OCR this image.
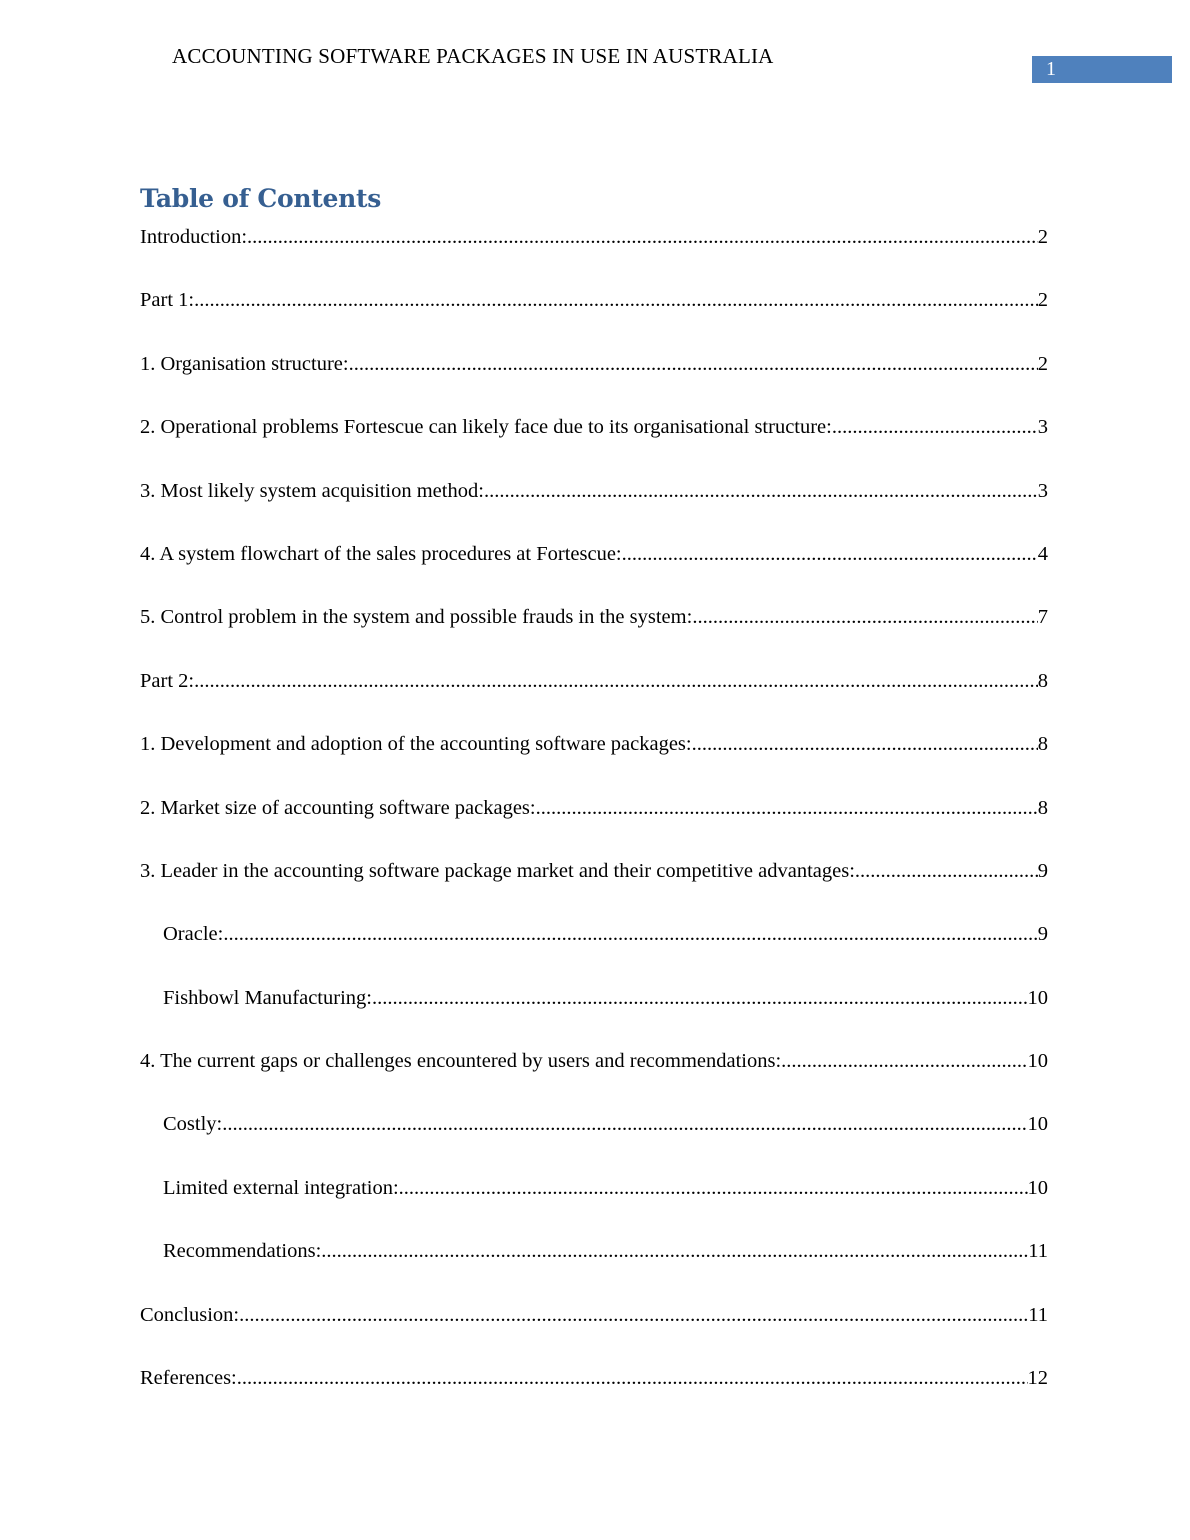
ACCOUNTING SOFTWARE PACKAGES IN USE IN AUSTRALIA
1
Table of Contents
Introduction: .....	2
Part 1: .....	2
1. Organisation structure: .....	2
2. Operational problems Fortescue can likely face due to its organisational structure: .....	3
3. Most likely system acquisition method: .....	3
4. A system flowchart of the sales procedures at Fortescue: .....	4
5. Control problem in the system and possible frauds in the system: .....	7
Part 2: .....	8
1. Development and adoption of the accounting software packages: .....	8
2. Market size of accounting software packages: .....	8
3. Leader in the accounting software package market and their competitive advantages: .....	9
Oracle: .....	9
Fishbowl Manufacturing: .....	10
4. The current gaps or challenges encountered by users and recommendations: .....	10
Costly: .....	10
Limited external integration: .....	10
Recommendations: .....	11
Conclusion: .....	11
References: .....	12
